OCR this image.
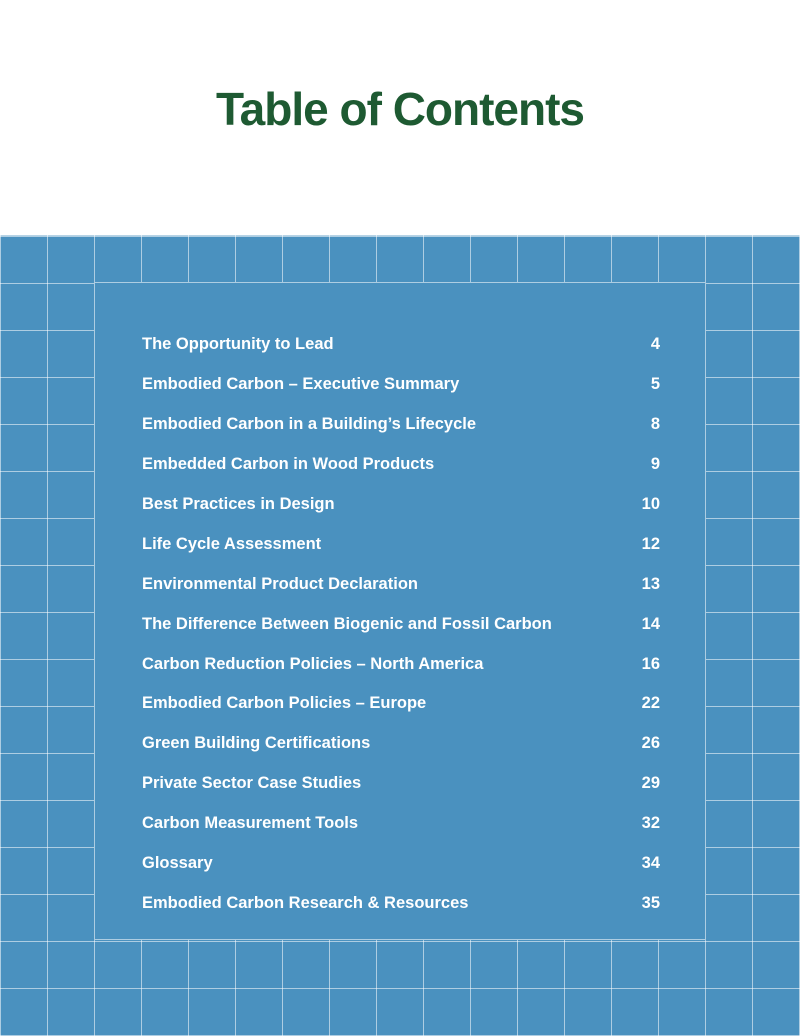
Table of Contents
The Opportunity to Lead	4
Embodied Carbon – Executive Summary	5
Embodied Carbon in a Building’s Lifecycle	8
Embedded Carbon in Wood Products	9
Best Practices in Design	10
Life Cycle Assessment	12
Environmental Product Declaration	13
The Difference Between Biogenic and Fossil Carbon	14
Carbon Reduction Policies – North America	16
Embodied Carbon Policies – Europe	22
Green Building Certifications	26
Private Sector Case Studies	29
Carbon Measurement Tools	32
Glossary	34
Embodied Carbon Research & Resources	35
